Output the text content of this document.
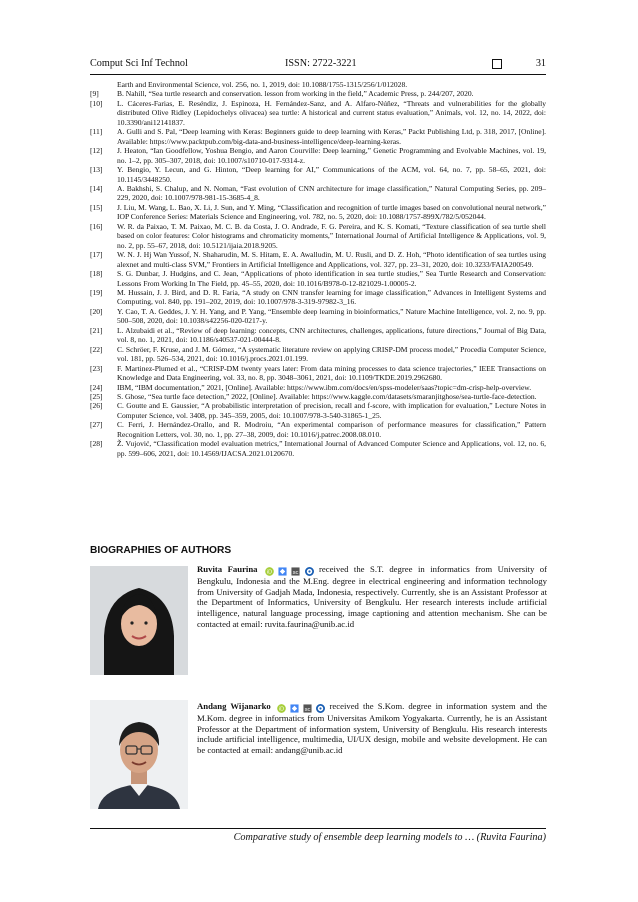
Comput Sci Inf Technol	ISSN: 2722-3221	31
Earth and Environmental Science, vol. 256, no. 1, 2019, doi: 10.1088/1755-1315/256/1/012028.
[9] B. Nahill, “Sea turtle research and conservation. lesson from working in the field,” Academic Press, p. 244/207, 2020.
[10] L. Cáceres-Farias, E. Reséndiz, J. Espinoza, H. Fernández-Sanz, and A. Alfaro-Núñez, “Threats and vulnerabilities for the globally distributed Olive Ridley (Lepidochelys olivacea) sea turtle: A historical and current status evaluation,” Animals, vol. 12, no. 14, 2022, doi: 10.3390/ani12141837.
[11] A. Gulli and S. Pal, “Deep learning with Keras: Beginners guide to deep learning with Keras,” Packt Publishing Ltd, p. 318, 2017, [Online]. Available: https://www.packtpub.com/big-data-and-business-intelligence/deep-learning-keras.
[12] J. Heaton, “Ian Goodfellow, Yoshua Bengio, and Aaron Courville: Deep learning,” Genetic Programming and Evolvable Machines, vol. 19, no. 1–2, pp. 305–307, 2018, doi: 10.1007/s10710-017-9314-z.
[13] Y. Bengio, Y. Lecun, and G. Hinton, “Deep learning for AI,” Communications of the ACM, vol. 64, no. 7, pp. 58–65, 2021, doi: 10.1145/3448250.
[14] A. Bakhshi, S. Chalup, and N. Noman, “Fast evolution of CNN architecture for image classification,” Natural Computing Series, pp. 209–229, 2020, doi: 10.1007/978-981-15-3685-4_8.
[15] J. Liu, M. Wang, L. Bao, X. Li, J. Sun, and Y. Ming, “Classification and recognition of turtle images based on convolutional neural network,” IOP Conference Series: Materials Science and Engineering, vol. 782, no. 5, 2020, doi: 10.1088/1757-899X/782/5/052044.
[16] W. R. da Paixao, T. M. Paixao, M. C. B. da Costa, J. O. Andrade, F. G. Pereira, and K. S. Komati, “Texture classification of sea turtle shell based on color features: Color histograms and chromaticity moments,” International Journal of Artificial Intelligence & Applications, vol. 9, no. 2, pp. 55–67, 2018, doi: 10.5121/ijaia.2018.9205.
[17] W. N. J. Hj Wan Yussof, N. Shaharudin, M. S. Hitam, E. A. Awalludin, M. U. Rusli, and D. Z. Hoh, “Photo identification of sea turtles using alexnet and multi-class SVM,” Frontiers in Artificial Intelligence and Applications, vol. 327, pp. 23–31, 2020, doi: 10.3233/FAIA200549.
[18] S. G. Dunbar, J. Hudgins, and C. Jean, “Applications of photo identification in sea turtle studies,” Sea Turtle Research and Conservation: Lessons From Working In The Field, pp. 45–55, 2020, doi: 10.1016/B978-0-12-821029-1.00005-2.
[19] M. Hussain, J. J. Bird, and D. R. Faria, “A study on CNN transfer learning for image classification,” Advances in Intelligent Systems and Computing, vol. 840, pp. 191–202, 2019, doi: 10.1007/978-3-319-97982-3_16.
[20] Y. Cao, T. A. Geddes, J. Y. H. Yang, and P. Yang, “Ensemble deep learning in bioinformatics,” Nature Machine Intelligence, vol. 2, no. 9, pp. 500–508, 2020, doi: 10.1038/s42256-020-0217-y.
[21] L. Alzubaidi et al., “Review of deep learning: concepts, CNN architectures, challenges, applications, future directions,” Journal of Big Data, vol. 8, no. 1, 2021, doi: 10.1186/s40537-021-00444-8.
[22] C. Schröer, F. Kruse, and J. M. Gómez, “A systematic literature review on applying CRISP-DM process model,” Procedia Computer Science, vol. 181, pp. 526–534, 2021, doi: 10.1016/j.procs.2021.01.199.
[23] F. Martinez-Plumed et al., “CRISP-DM twenty years later: From data mining processes to data science trajectories,” IEEE Transactions on Knowledge and Data Engineering, vol. 33, no. 8, pp. 3048–3061, 2021, doi: 10.1109/TKDE.2019.2962680.
[24] IBM, “IBM documentation,” 2021, [Online]. Available: https://www.ibm.com/docs/en/spss-modeler/saas?topic=dm-crisp-help-overview.
[25] S. Ghose, “Sea turtle face detection,” 2022, [Online]. Available: https://www.kaggle.com/datasets/smaranjitghose/sea-turtle-face-detection.
[26] C. Goutte and E. Gaussier, “A probabilistic interpretation of precision, recall and f-score, with implication for evaluation,” Lecture Notes in Computer Science, vol. 3408, pp. 345–359, 2005, doi: 10.1007/978-3-540-31865-1_25.
[27] C. Ferri, J. Hernández-Orallo, and R. Modroiu, “An experimental comparison of performance measures for classification,” Pattern Recognition Letters, vol. 30, no. 1, pp. 27–38, 2009, doi: 10.1016/j.patrec.2008.08.010.
[28] Ž. Vujović, “Classification model evaluation metrics,” International Journal of Advanced Computer Science and Applications, vol. 12, no. 6, pp. 599–606, 2021, doi: 10.14569/IJACSA.2021.0120670.
BIOGRAPHIES OF AUTHORS
Ruvita Faurina iD
	sc received the S.T. degree in informatics from University of Bengkulu, Indonesia and the M.Eng. degree in electrical engineering and information technology from University of Gadjah Mada, Indonesia, respectively. Currently, she is an Assistant Professor at the Department of Informatics, University of Bengkulu. Her research interests include artificial intelligence, natural language processing, image captioning and attention mechanism. She can be contacted at email: ruvita.faurina@unib.ac.id
Andang Wijanarko iD
	sc received the S.Kom. degree in information system and the M.Kom. degree in informatics from Universitas Amikom Yogyakarta. Currently, he is an Assistant Professor at the Department of information system, University of Bengkulu. His research interests include artificial intelligence, multimedia, UI/UX design, mobile and website development. He can be contacted at email: andang@unib.ac.id
Comparative study of ensemble deep learning models to … (Ruvita Faurina)
